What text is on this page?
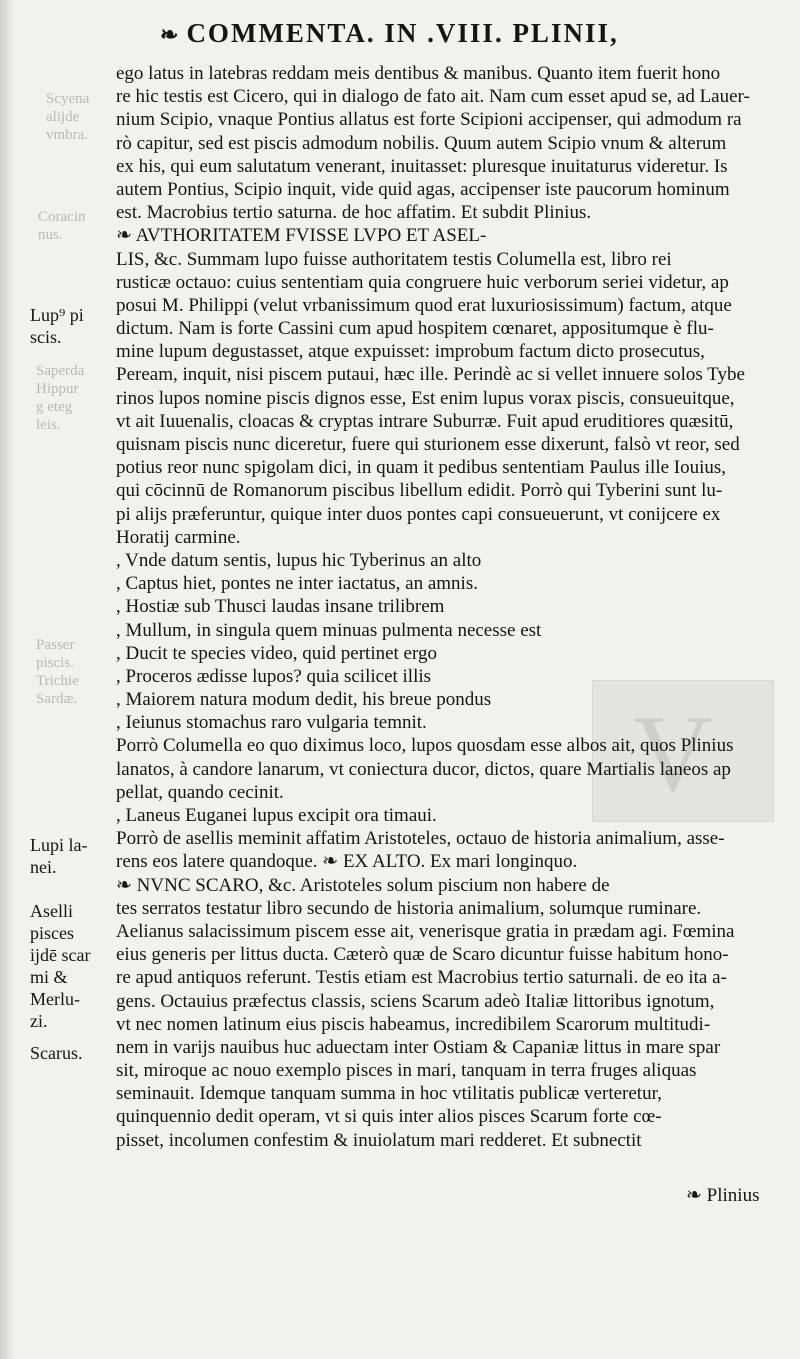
❧ COMMENTA. IN .VIII. PLINII,
Scyena
alijde
vmbra.
Coracin
nus.
Saperda
Hippur
g eteg
leis.
Passer
piscis.
Trichie
Sardæ.	V
ego latus in latebras reddam meis dentibus & manibus. Quanto item fuerit hono
re hic testis est Cicero, qui in dialogo de fato ait. Nam cum esset apud se, ad Lauer-
nium Scipio, vnaque Pontius allatus est forte Scipioni accipenser, qui admodum ra
rò capitur, sed est piscis admodum nobilis. Quum autem Scipio vnum & alterum
ex his, qui eum salutatum venerant, inuitasset: pluresque inuitaturus videretur. Is
autem Pontius, Scipio inquit, vide quid agas, accipenser iste paucorum hominum
est. Macrobius tertio saturna. de hoc affatim. Et subdit Plinius.
❧ AVTHORITATEM FVISSE LVPO ET ASEL-
LIS, &c. Summam lupo fuisse authoritatem testis Columella est, libro rei
rusticæ octauo: cuius sententiam quia congruere huic verborum seriei videtur, ap
posui M. Philippi (velut vrbanissimum quod erat luxuriosissimum) factum, atque
dictum. Nam is forte Cassini cum apud hospitem cœnaret, appositumque è flu-
mine lupum degustasset, atque expuisset: improbum factum dicto prosecutus,
Peream, inquit, nisi piscem putaui, hæc ille. Perindè ac si vellet innuere solos Tybe
rinos lupos nomine piscis dignos esse, Est enim lupus vorax piscis, consueuitque,
vt ait Iuuenalis, cloacas & cryptas intrare Suburræ. Fuit apud eruditiores quæsitū,
quisnam piscis nunc diceretur, fuere qui sturionem esse dixerunt, falsò vt reor, sed
potius reor nunc spigolam dici, in quam it pedibus sententiam Paulus ille Iouius,
qui cōcinnū de Romanorum piscibus libellum edidit. Porrò qui Tyberini sunt lu-
pi alijs præferuntur, quique inter duos pontes capi consueuerunt, vt conijcere ex
Horatij carmine.
, Vnde datum sentis, lupus hic Tyberinus an alto
, Captus hiet, pontes ne inter iactatus, an amnis.
, Hostiæ sub Thusci laudas insane trilibrem
, Mullum, in singula quem minuas pulmenta necesse est
, Ducit te species video, quid pertinet ergo
, Proceros ædisse lupos? quia scilicet illis
, Maiorem natura modum dedit, his breue pondus
, Ieiunus stomachus raro vulgaria temnit.
Porrò Columella eo quo diximus loco, lupos quosdam esse albos ait, quos Plinius
lanatos, à candore lanarum, vt coniectura ducor, dictos, quare Martialis laneos ap
pellat, quando cecinit.
, Laneus Euganei lupus excipit ora timaui.
Porrò de asellis meminit affatim Aristoteles, octauo de historia animalium, asse-
rens eos latere quandoque. ❧ EX ALTO. Ex mari longinquo.
❧ NVNC SCARO, &c. Aristoteles solum piscium non habere de
tes serratos testatur libro secundo de historia animalium, solumque ruminare.
Aelianus salacissimum piscem esse ait, venerisque gratia in prædam agi. Fœmina
eius generis per littus ducta. Cæterò quæ de Scaro dicuntur fuisse habitum hono-
re apud antiquos referunt. Testis etiam est Macrobius tertio saturnali. de eo ita a-
gens. Octauius præfectus classis, sciens Scarum adeò Italiæ littoribus ignotum,
vt nec nomen latinum eius piscis habeamus, incredibilem Scarorum multitudi-
nem in varijs nauibus huc aduectam inter Ostiam & Capaniæ littus in mare spar
sit, miroque ac nouo exemplo pisces in mari, tanquam in terra fruges aliquas
seminauit. Idemque tanquam summa in hoc vtilitatis publicæ verteretur,
quinquennio dedit operam, vt si quis inter alios pisces Scarum forte cœ-
pisset, incolumen confestim & inuiolatum mari redderet. Et subnectit
Lup⁹ pi
scis.
Lupi la-
nei.
Aselli
pisces
ijdē scar
mi &
Merlu-
zi.
Scarus.
❧ Plinius
